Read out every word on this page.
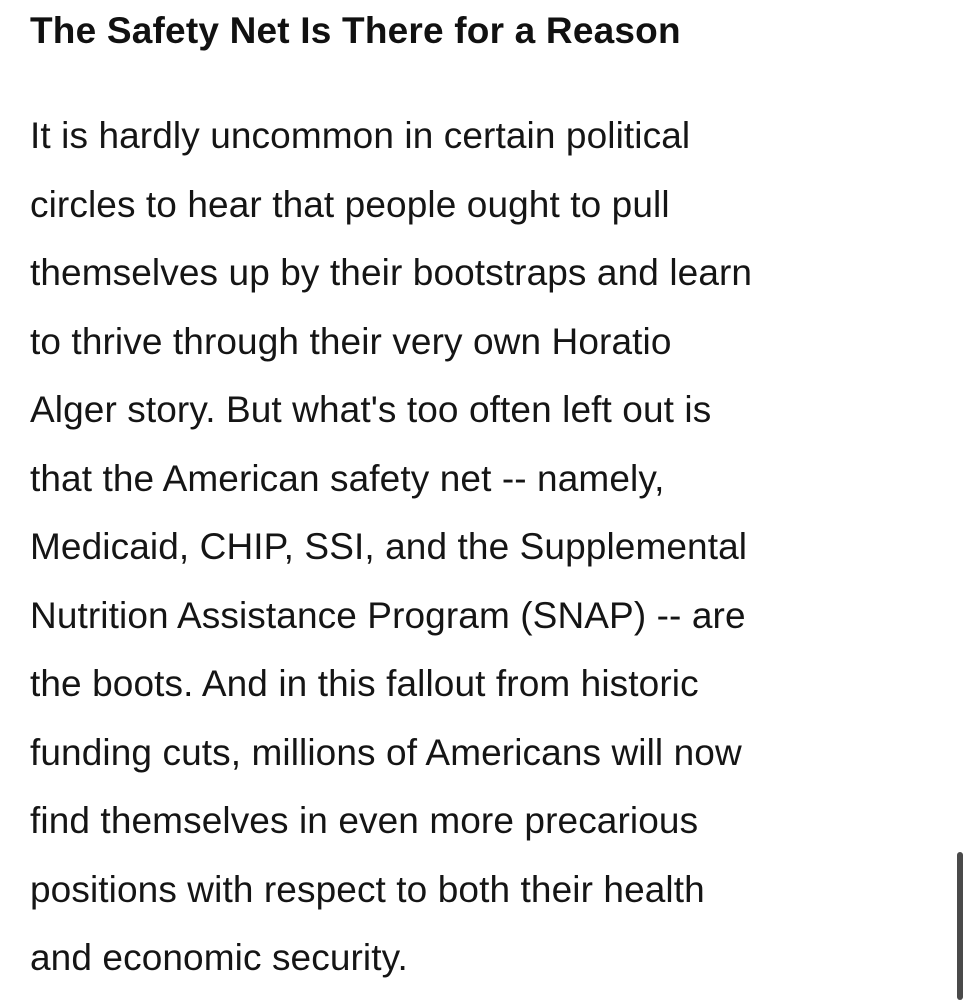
The Safety Net Is There for a Reason
It is hardly uncommon in certain political
circles to hear that people ought to pull
themselves up by their bootstraps and learn
to thrive through their very own Horatio
Alger story. But what's too often left out is
that the American safety net -- namely,
Medicaid, CHIP, SSI, and the Supplemental
Nutrition Assistance Program (SNAP) -- are
the boots. And in this fallout from historic
funding cuts, millions of Americans will now
find themselves in even more precarious
positions with respect to both their health
and economic security.
